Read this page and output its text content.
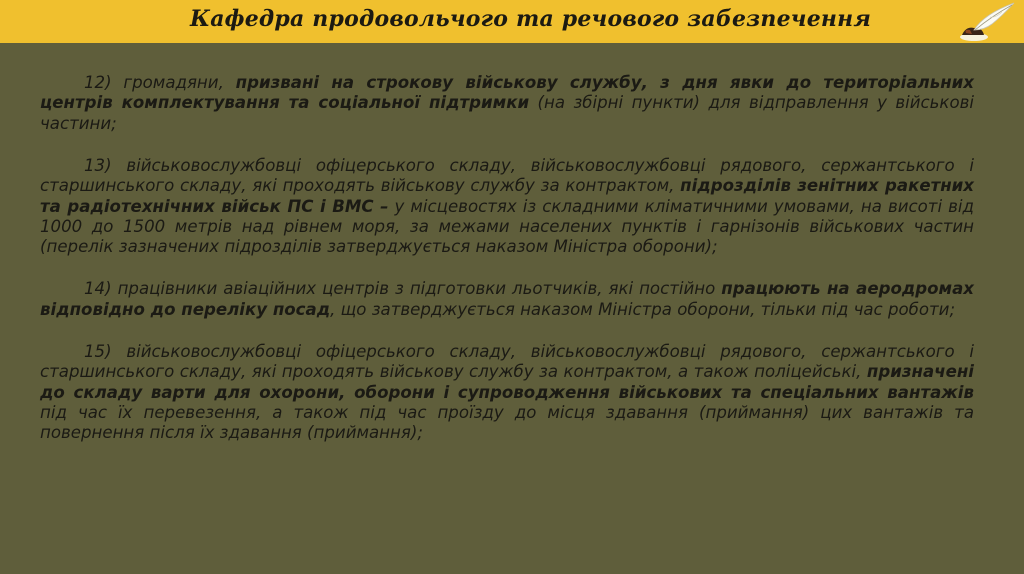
Кафедра продовольчого та речового забезпечення

12) громадяни, призвані на строкову військову службу, з дня явки до територіальних центрів комплектування та соціальної підтримки (на збірні пункти) для відправлення у військові частини;

13) військовослужбовці офіцерського складу, військовослужбовці рядового, сержантського і старшинського складу, які проходять військову службу за контрактом, підрозділів зенітних ракетних та радіотехнічних військ ПС і ВМС – у місцевостях із складними кліматичними умовами, на висоті від 1000 до 1500 метрів над рівнем моря, за межами населених пунктів і гарнізонів військових частин (перелік зазначених підрозділів затверджується наказом Міністра оборони);

14) працівники авіаційних центрів з підготовки льотчиків, які постійно працюють на аеродромах відповідно до переліку посад, що затверджується наказом Міністра оборони, тільки під час роботи;

15) військовослужбовці офіцерського складу, військовослужбовці рядового, сержантського і старшинського складу, які проходять військову службу за контрактом, а також поліцейські, призначені до складу варти для охорони, оборони і супроводження військових та спеціальних вантажів під час їх перевезення, а також під час проїзду до місця здавання (приймання) цих вантажів та повернення після їх здавання (приймання);
